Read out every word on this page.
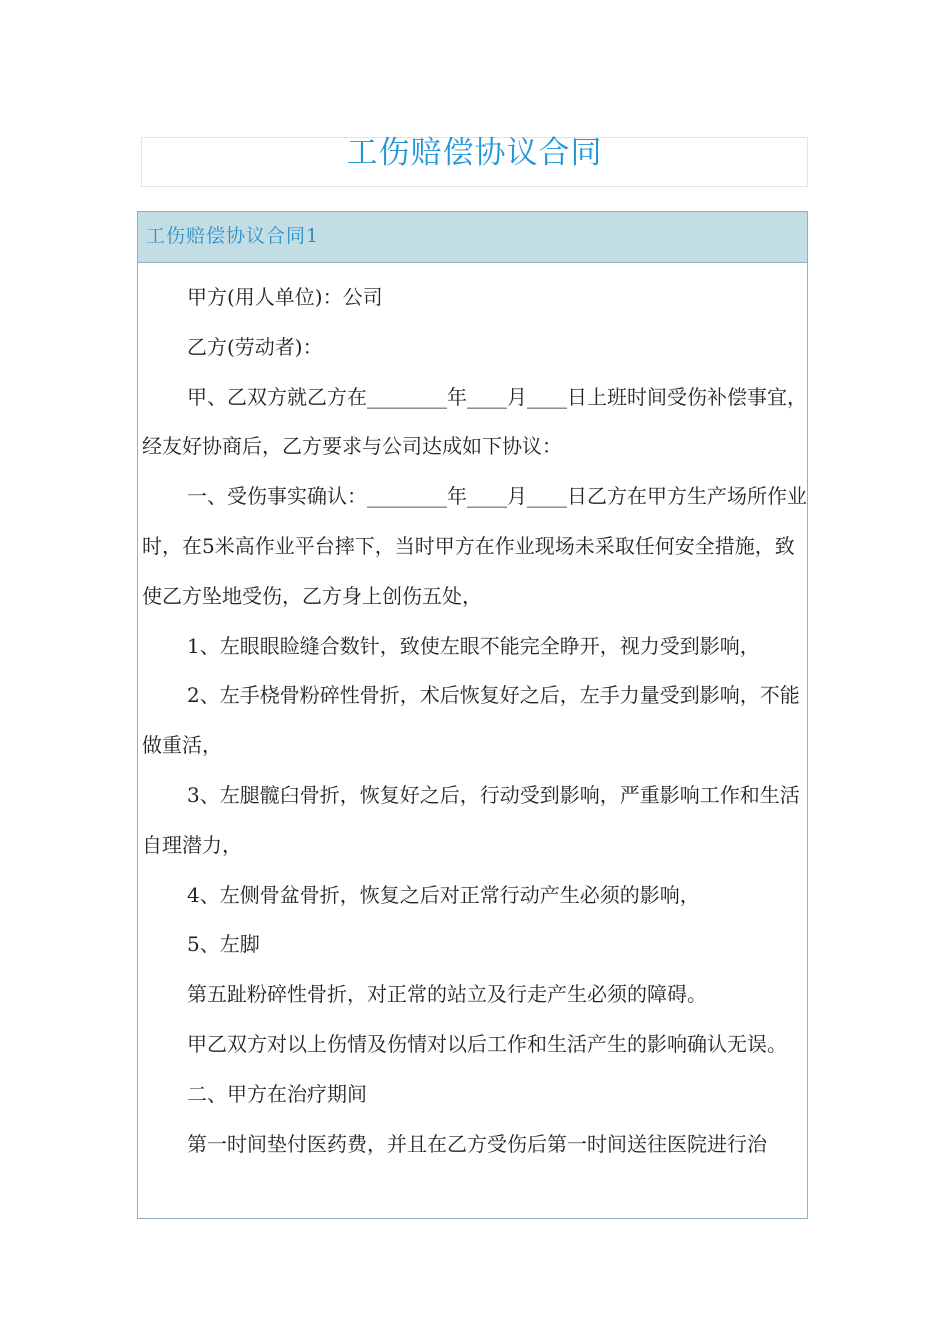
工伤赔偿协议合同
工伤赔偿协议合同1

甲方(用人单位)：公司

乙方(劳动者)：

甲、乙双方就乙方在________年____月____日上班时间受伤补偿事宜，经友好协商后，乙方要求与公司达成如下协议：

一、受伤事实确认：________年____月____日乙方在甲方生产场所作业时，在5米高作业平台摔下，当时甲方在作业现场未采取任何安全措施，致使乙方坠地受伤，乙方身上创伤五处，

1、左眼眼睑缝合数针，致使左眼不能完全睁开，视力受到影响，

2、左手桡骨粉碎性骨折，术后恢复好之后，左手力量受到影响，不能做重活，

3、左腿髋臼骨折，恢复好之后，行动受到影响，严重影响工作和生活自理潜力，

4、左侧骨盆骨折，恢复之后对正常行动产生必须的影响，

5、左脚

第五趾粉碎性骨折，对正常的站立及行走产生必须的障碍。

甲乙双方对以上伤情及伤情对以后工作和生活产生的影响确认无误。

二、甲方在治疗期间

第一时间垫付医药费，并且在乙方受伤后第一时间送往医院进行治
